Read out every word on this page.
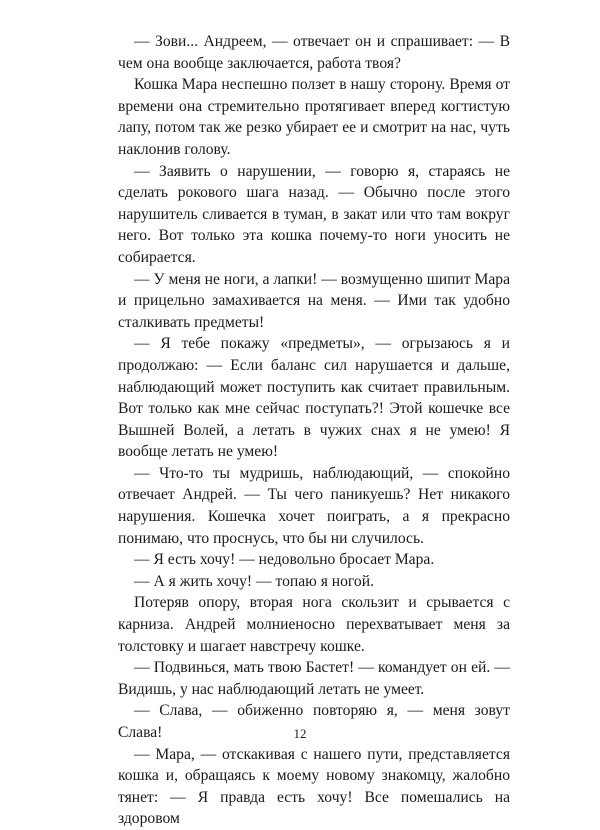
— Зови... Андреем, — отвечает он и спрашивает: — В чем она вообще заключается, работа твоя?

Кошка Мара неспешно ползет в нашу сторону. Время от времени она стремительно протягивает вперед когтистую лапу, потом так же резко убирает ее и смотрит на нас, чуть наклонив голову.

— Заявить о нарушении, — говорю я, стараясь не сделать рокового шага назад. — Обычно после этого нарушитель сливается в туман, в закат или что там вокруг него. Вот только эта кошка почему-то ноги уносить не собирается.

— У меня не ноги, а лапки! — возмущенно шипит Мара и прицельно замахивается на меня. — Ими так удобно сталкивать предметы!

— Я тебе покажу «предметы», — огрызаюсь я и продолжаю: — Если баланс сил нарушается и дальше, наблюдающий может поступить как считает правильным. Вот только как мне сейчас поступать?! Этой кошечке все Вышней Волей, а летать в чужих снах я не умею! Я вообще летать не умею!

— Что-то ты мудришь, наблюдающий, — спокойно отвечает Андрей. — Ты чего паникуешь? Нет никакого нарушения. Кошечка хочет поиграть, а я прекрасно понимаю, что проснусь, что бы ни случилось.

— Я есть хочу! — недовольно бросает Мара.

— А я жить хочу! — топаю я ногой.

Потеряв опору, вторая нога скользит и срывается с карниза. Андрей молниеносно перехватывает меня за толстовку и шагает навстречу кошке.

— Подвинься, мать твою Бастет! — командует он ей. — Видишь, у нас наблюдающий летать не умеет.

— Слава, — обиженно повторяю я, — меня зовут Слава!

— Мара, — отскакивая с нашего пути, представляется кошка и, обращаясь к моему новому знакомцу, жалобно тянет: — Я правда есть хочу! Все помешались на здоровом

12
